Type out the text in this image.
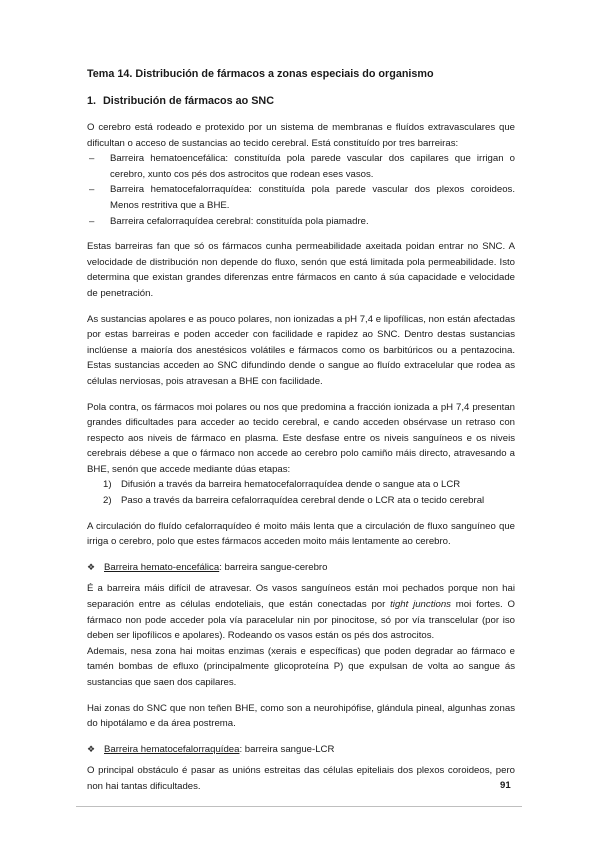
Tema 14. Distribución de fármacos a zonas especiais do organismo

1. Distribución de fármacos ao SNC

O cerebro está rodeado e protexido por un sistema de membranas e fluídos extravasculares que dificultan o acceso de sustancias ao tecido cerebral. Está constituído por tres barreiras:

– Barreira hematoencefálica: constituída pola parede vascular dos capilares que irrigan o cerebro, xunto cos pés dos astrocitos que rodean eses vasos.
– Barreira hematocefalorraquídea: constituída pola parede vascular dos plexos coroideos. Menos restritiva que a BHE.
– Barreira cefalorraquídea cerebral: constituída pola piamadre.

Estas barreiras fan que só os fármacos cunha permeabilidade axeitada poidan entrar no SNC. A velocidade de distribución non depende do fluxo, senón que está limitada pola permeabilidade. Isto determina que existan grandes diferenzas entre fármacos en canto á súa capacidade e velocidade de penetración.

As sustancias apolares e as pouco polares, non ionizadas a pH 7,4 e lipofílicas, non están afectadas por estas barreiras e poden acceder con facilidade e rapidez ao SNC. Dentro destas sustancias inclúense a maioría dos anestésicos volátiles e fármacos como os barbitúricos ou a pentazocina. Estas sustancias acceden ao SNC difundindo dende o sangue ao fluído extracelular que rodea as células nerviosas, pois atravesan a BHE con facilidade.

Pola contra, os fármacos moi polares ou nos que predomina a fracción ionizada a pH 7,4 presentan grandes dificultades para acceder ao tecido cerebral, e cando acceden obsérvase un retraso con respecto aos niveis de fármaco en plasma. Este desfase entre os niveis sanguíneos e os niveis cerebrais débese a que o fármaco non accede ao cerebro polo camiño máis directo, atravesando a BHE, senón que accede mediante dúas etapas:

1) Difusión a través da barreira hematocefalorraquídea dende o sangue ata o LCR
2) Paso a través da barreira cefalorraquídea cerebral dende o LCR ata o tecido cerebral

A circulación do fluído cefalorraquídeo é moito máis lenta que a circulación de fluxo sanguíneo que irriga o cerebro, polo que estes fármacos acceden moito máis lentamente ao cerebro.

❖ Barreira hemato-encefálica: barreira sangue-cerebro

É a barreira máis difícil de atravesar. Os vasos sanguíneos están moi pechados porque non hai separación entre as células endoteliais, que están conectadas por tight junctions moi fortes. O fármaco non pode acceder pola vía paracelular nin por pinocitose, só por vía transcelular (por iso deben ser lipofílicos e apolares). Rodeando os vasos están os pés dos astrocitos.

Ademais, nesa zona hai moitas enzimas (xerais e específicas) que poden degradar ao fármaco e tamén bombas de efluxo (principalmente glicoproteína P) que expulsan de volta ao sangue ás sustancias que saen dos capilares.

Hai zonas do SNC que non teñen BHE, como son a neurohipófise, glándula pineal, algunhas zonas do hipotálamo e da área postrema.

❖ Barreira hematocefalorraquídea: barreira sangue-LCR

O principal obstáculo é pasar as unións estreitas das células epiteliais dos plexos coroideos, pero non hai tantas dificultades.	91
